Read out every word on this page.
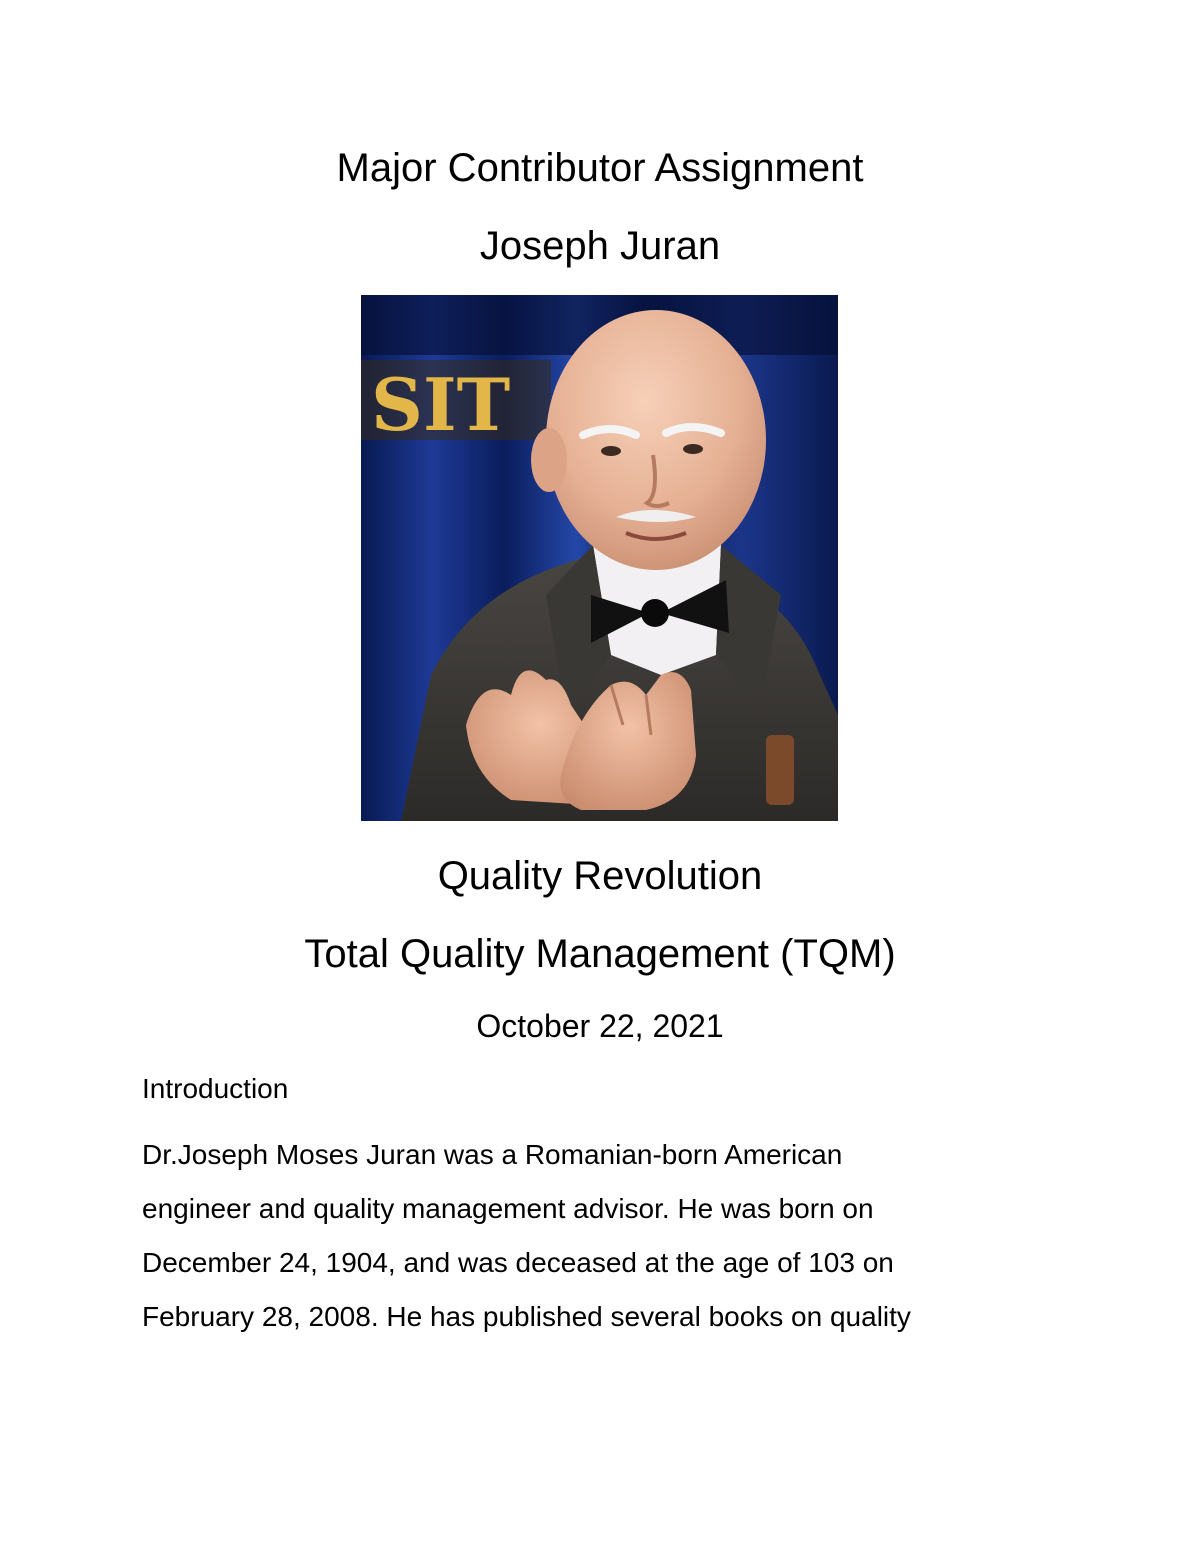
Major Contributor Assignment
Joseph Juran
SIT
Quality Revolution
Total Quality Management (TQM)
October 22, 2021
Introduction
Dr.Joseph Moses Juran was a Romanian-born American
engineer and quality management advisor. He was born on
December 24, 1904, and was deceased at the age of 103 on
February 28, 2008. He has published several books on quality
